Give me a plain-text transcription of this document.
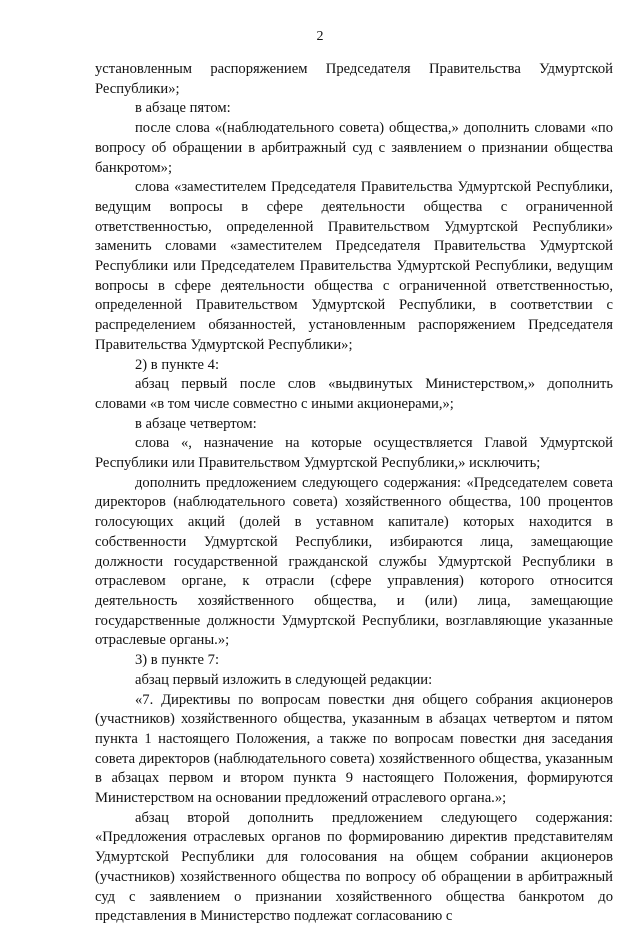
2

установленным распоряжением Председателя Правительства Удмуртской Республики»;

в абзаце пятом:

после слова «(наблюдательного совета) общества,» дополнить словами «по вопросу об обращении в арбитражный суд с заявлением о признании общества банкротом»;

слова «заместителем Председателя Правительства Удмуртской Республики, ведущим вопросы в сфере деятельности общества с ограниченной ответственностью, определенной Правительством Удмуртской Республики» заменить словами «заместителем Председателя Правительства Удмуртской Республики или Председателем Правительства Удмуртской Республики, ведущим вопросы в сфере деятельности общества с ограниченной ответственностью, определенной Правительством Удмуртской Республики, в соответствии с распределением обязанностей, установленным распоряжением Председателя Правительства Удмуртской Республики»;

2) в пункте 4:

абзац первый после слов «выдвинутых Министерством,» дополнить словами «в том числе совместно с иными акционерами,»;

в абзаце четвертом:

слова «, назначение на которые осуществляется Главой Удмуртской Республики или Правительством Удмуртской Республики,» исключить;

дополнить предложением следующего содержания: «Председателем совета директоров (наблюдательного совета) хозяйственного общества, 100 процентов голосующих акций (долей в уставном капитале) которых находится в собственности Удмуртской Республики, избираются лица, замещающие должности государственной гражданской службы Удмуртской Республики в отраслевом органе, к отрасли (сфере управления) которого относится деятельность хозяйственного общества, и (или) лица, замещающие государственные должности Удмуртской Республики, возглавляющие указанные отраслевые органы.»;

3) в пункте 7:

абзац первый изложить в следующей редакции:

«7. Директивы по вопросам повестки дня общего собрания акционеров (участников) хозяйственного общества, указанным в абзацах четвертом и пятом пункта 1 настоящего Положения, а также по вопросам повестки дня заседания совета директоров (наблюдательного совета) хозяйственного общества, указанным в абзацах первом и втором пункта 9 настоящего Положения, формируются Министерством на основании предложений отраслевого органа.»;

абзац второй дополнить предложением следующего содержания: «Предложения отраслевых органов по формированию директив представителям Удмуртской Республики для голосования на общем собрании акционеров (участников) хозяйственного общества по вопросу об обращении в арбитражный суд с заявлением о признании хозяйственного общества банкротом до представления в Министерство подлежат согласованию с
